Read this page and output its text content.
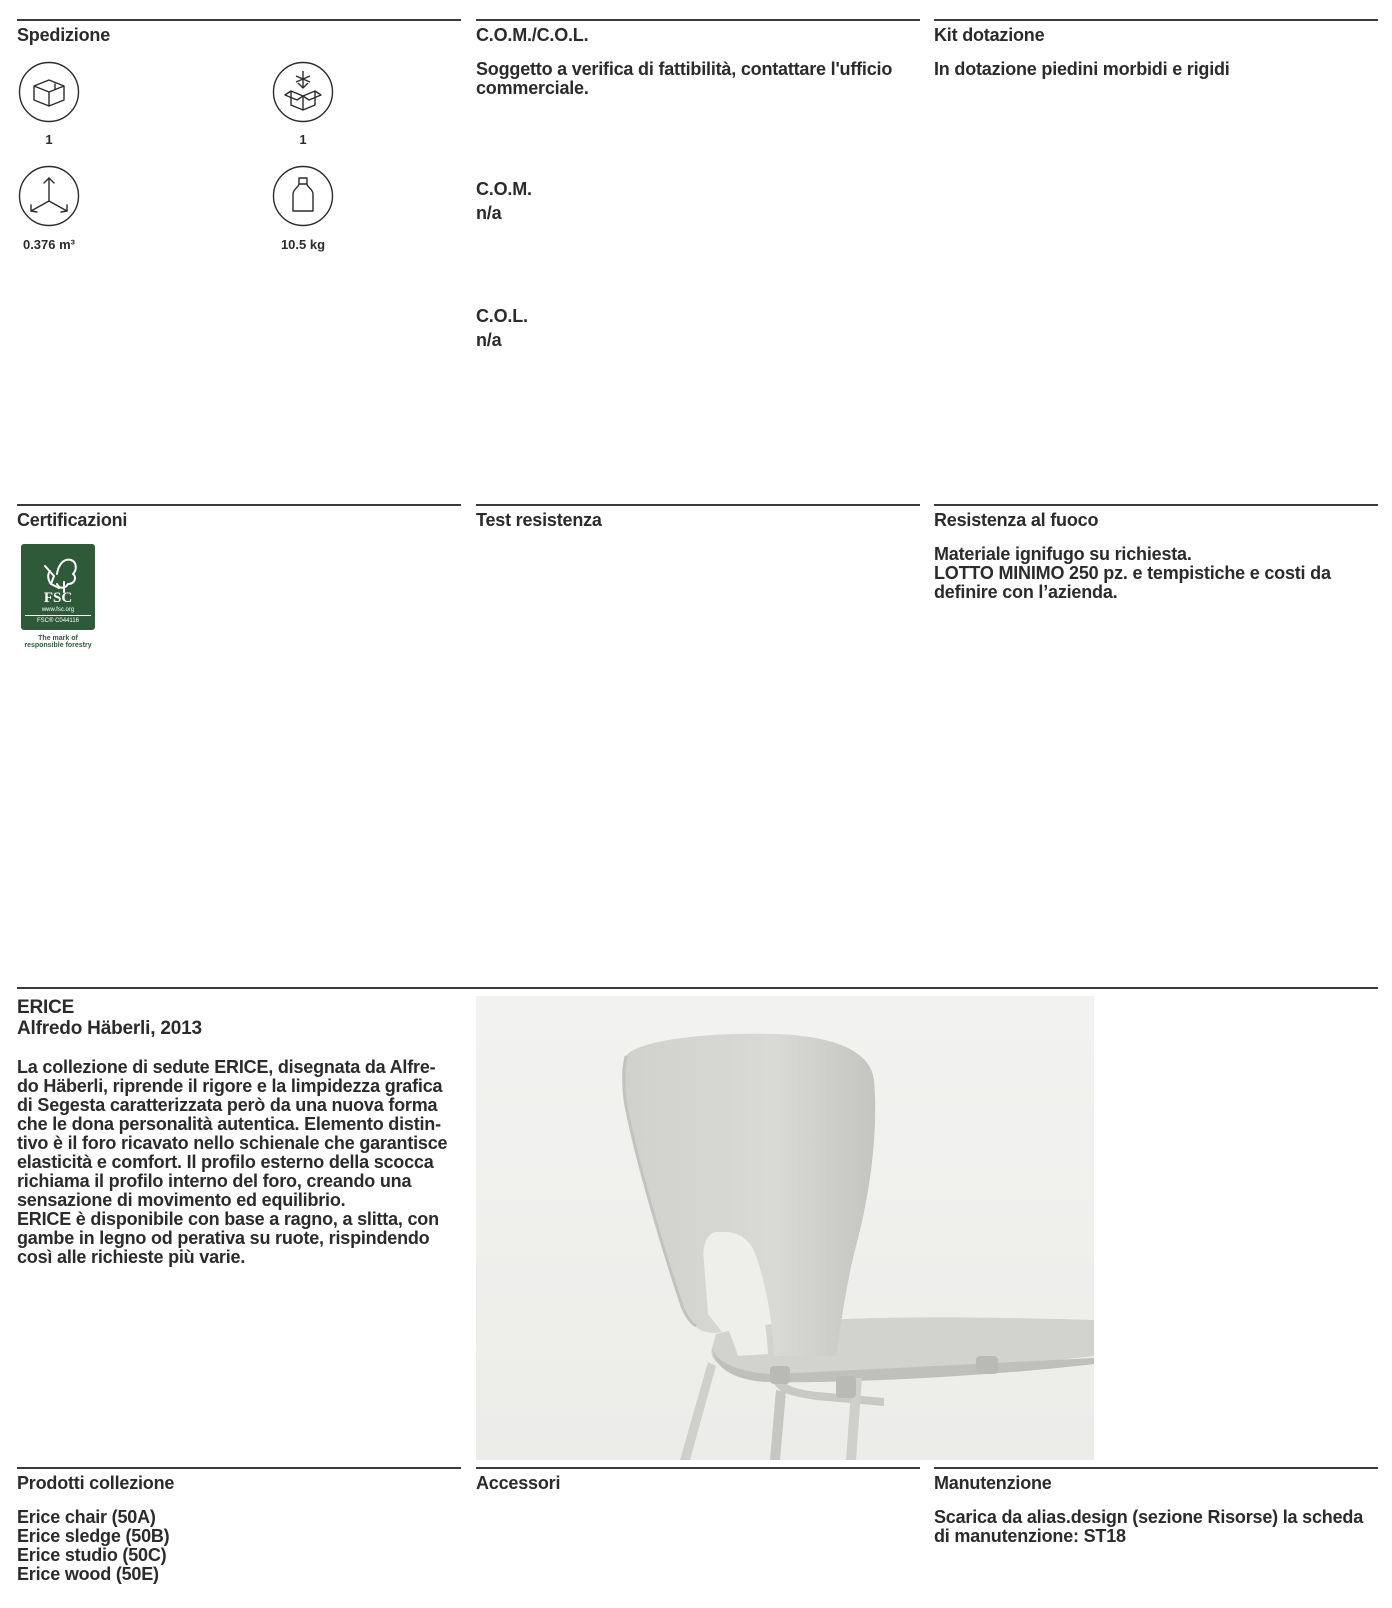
Spedizione
1	1
0.376 m³	10.5 kg
C.O.M./C.O.L.
Soggetto a verifica di fattibilità, contattare l'ufficio
commerciale.
C.O.M.
n/a
C.O.L.
n/a
Kit dotazione
In dotazione piedini morbidi e rigidi
Certificazioni
FSC
www.fsc.org
FSC® C044116
The mark of
responsible forestry
Test resistenza	Resistenza al fuoco
Materiale ignifugo su richiesta.
LOTTO MINIMO 250 pz. e tempistiche e costi da
definire con l’azienda.
ERICE
Alfredo Häberli, 2013
La collezione di sedute ERICE, disegnata da Alfre-
do Häberli, riprende il rigore e la limpidezza grafica
di Segesta caratterizzata però da una nuova forma
che le dona personalità autentica. Elemento distin-
tivo è il foro ricavato nello schienale che garantisce
elasticità e comfort. Il profilo esterno della scocca
richiama il profilo interno del foro, creando una
sensazione di movimento ed equilibrio.
ERICE è disponibile con base a ragno, a slitta, con
gambe in legno od perativa su ruote, rispindendo
così alle richieste più varie.
Prodotti collezione
Erice chair (50A)
Erice sledge (50B)
Erice studio (50C)
Erice wood (50E)
Accessori	Manutenzione
Scarica da alias.design (sezione Risorse) la scheda
di manutenzione: ST18
